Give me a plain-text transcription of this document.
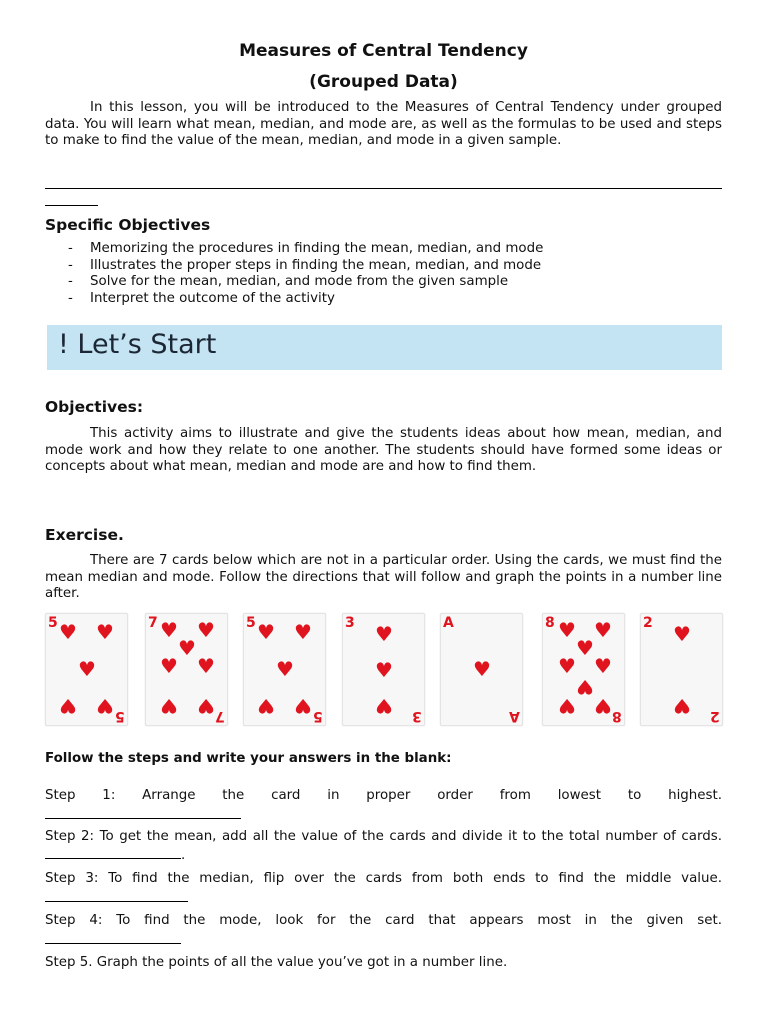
Measures of Central Tendency
(Grouped Data)

In this lesson, you will be introduced to the Measures of Central Tendency under grouped data. You will learn what mean, median, and mode are, as well as the formulas to be used and steps to make to find the value of the mean, median, and mode in a given sample.

Specific Objectives

- Memorizing the procedures in finding the mean, median, and mode
- Illustrates the proper steps in finding the mean, median, and mode
- Solve for the mean, median, and mode from the given sample
- Interpret the outcome of the activity
! Let’s Start

Objectives:

This activity aims to illustrate and give the students ideas about how mean, median, and mode work and how they relate to one another. The students should have formed some ideas or concepts about what mean, median and mode are and how to find them.

Exercise.

There are 7 cards below which are not in a particular order. Using the cards, we must find the mean median and mode. Follow the directions that will follow and graph the points in a number line after.

5
5
♥ ♥
♥
♥ ♥
7
7
♥ ♥
♥
♥ ♥
♥ ♥
5
5
♥ ♥
♥
♥ ♥
3
3
♥
♥
♥
A
A
♥
8
8
♥ ♥
♥
♥ ♥
♥
♥ ♥
2
2
♥
♥
Follow the steps and write your answers in the blank:
Step 1: Arrange the card in proper order from lowest to highest.
Step 2: To get the mean, add all the value of the cards and divide it to the total number of cards. .
Step 3: To find the median, flip over the cards from both ends to find the middle value.
Step 4: To find the mode, look for the card that appears most in the given set.
Step 5. Graph the points of all the value you’ve got in a number line.
